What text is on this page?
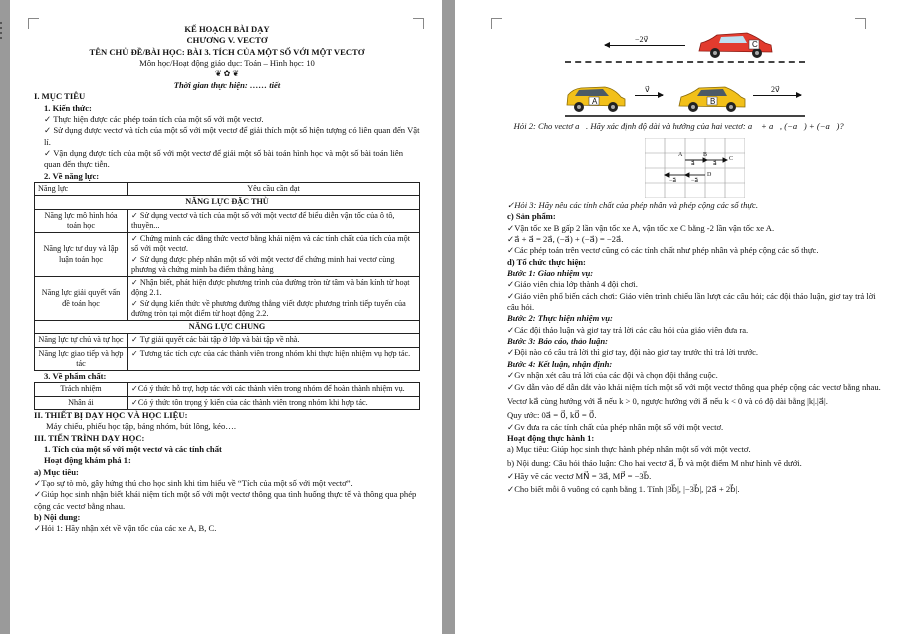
KẾ HOẠCH BÀI DẠY
CHƯƠNG V. VECTƠ
TÊN CHỦ ĐỀ/BÀI HỌC: BÀI 3. TÍCH CỦA MỘT SỐ VỚI MỘT VECTƠ
Môn học/Hoạt động giáo dục: Toán – Hình học: 10
❦ ✿ ❦
Thời gian thực hiện: …… tiết
I. MỤC TIÊU
1. Kiến thức:
✓ Thực hiện được các phép toán tích của một số với một vectơ.
✓ Sử dụng được vectơ và tích của một số với một vectơ để giải thích một số hiện tượng có liên quan đến Vật lí.
✓ Vận dụng được tích của một số với một vectơ để giải một số bài toán hình học và một số bài toán liên quan đến thực tiễn.
2. Về năng lực:
Năng lực	Yêu cầu cần đạt
NĂNG LỰC ĐẶC THÙ	
Năng lực mô hình hóa toán học	✓ Sử dụng vectơ và tích của một số với một vectơ để biểu diễn vận tốc của ô tô, thuyền...
Năng lực tư duy và lập luận toán học	✓ Chứng minh các đẳng thức vectơ bằng khái niệm và các tính chất của tích của một số với một vectơ.
✓ Sử dụng được phép nhân một số với một vectơ để chứng minh hai vectơ cùng phương và chứng minh ba điểm thẳng hàng

Năng lực giải quyết vấn đề toán học	✓ Nhận biết, phát hiện được phương trình của đường tròn từ tâm và bán kính từ hoạt động 2.1.
✓ Sử dụng kiến thức về phương đường thẳng viết được phương trình tiếp tuyến của đường tròn tại một điểm từ hoạt động 2.2.

NĂNG LỰC CHUNG	
Năng lực tự chủ và tự học	✓ Tự giải quyết các bài tập ở lớp và bài tập về nhà.
Năng lực giao tiếp và hợp tác	✓ Tương tác tích cực của các thành viên trong nhóm khi thực hiện nhiệm vụ hợp tác.
3. Về phẩm chất:
Trách nhiệm	✓Có ý thức hỗ trợ, hợp tác với các thành viên trong nhóm để hoàn thành nhiệm vụ.
Nhân ái	✓Có ý thức tôn trọng ý kiến của các thành viên trong nhóm khi hợp tác.
II. THIẾT BỊ DẠY HỌC VÀ HỌC LIỆU:
Máy chiếu, phiếu học tập, bảng nhóm, bút lông, kéo….
III. TIẾN TRÌNH DẠY HỌC:
1. Tích của một số với một vectơ và các tính chất
Hoạt động khám phá 1:
a) Mục tiêu:
✓Tạo sự tò mò, gây hứng thú cho học sinh khi tìm hiểu về “Tích của một số với một vectơ”.
✓Giúp học sinh nhận biết khái niệm tích một số với một vectơ thông qua tình huống thực tế và thông qua phép cộng các vectơ bằng nhau.
b) Nội dung:
✓Hỏi 1: Hãy nhận xét về vận tốc của các xe A, B, C.
C
−2v⃗
A
v⃗
B
2v⃗
✓Hỏi 2: Cho vectơ a⃗. Hãy xác định độ dài và hướng của hai vectơ: a⃗ + a⃗, (−a⃗) + (−a⃗)?
A	B
C
D
a⃗	a⃗
−a⃗
−a⃗
✓Hỏi 3: Hãy nêu các tính chất của phép nhân và phép cộng các số thực.
c) Sản phẩm:
✓Vận tốc xe B gấp 2 lần vận tốc xe A, vận tốc xe C bằng -2 lần vận tốc xe A.
✓a⃗ + a⃗ = 2a⃗, (−a⃗) + (−a⃗) = −2a⃗.
✓Các phép toán trên vectơ cũng có các tính chất như phép nhân và phép cộng các số thực.
d) Tổ chức thực hiện:
Bước 1: Giao nhiệm vụ:
✓Giáo viên chia lớp thành 4 đội chơi.
✓Giáo viên phổ biến cách chơi: Giáo viên trình chiếu lần lượt các câu hỏi; các đội thảo luận, giơ tay trả lời câu hỏi.
Bước 2: Thực hiện nhiệm vụ:
✓Các đội thảo luận và giơ tay trả lời các câu hỏi của giáo viên đưa ra.
Bước 3: Báo cáo, thảo luận:
✓Đội nào có câu trả lời thì giơ tay, đội nào giơ tay trước thì trả lời trước.
Bước 4: Kết luận, nhận định:
✓Gv nhận xét câu trả lời của các đội và chọn đội thắng cuộc.
✓Gv dẫn vào để dẫn dắt vào khái niệm tích một số với một vectơ thông qua phép cộng các vectơ bằng nhau.
Vectơ ka⃗ cùng hướng với a⃗ nếu k > 0, ngược hướng với a⃗ nếu k < 0 và có độ dài bằng |k|.|a⃗|.
Quy ước: 0a⃗ = 0⃗, k0⃗ = 0⃗.
✓Gv đưa ra các tính chất của phép nhân một số với một vectơ.
Hoạt động thực hành 1:
a) Mục tiêu: Giúp học sinh thực hành phép nhân một số với một vectơ.
b) Nội dung: Câu hỏi thảo luận: Cho hai vectơ a⃗, b⃗ và một điểm M như hình vẽ dưới.
✓Hãy vẽ các vectơ MN⃗ = 3a⃗, MP⃗ = −3b⃗.
✓Cho biết mỗi ô vuông có cạnh bằng 1. Tính |3b⃗|, |−3b⃗|, |2a⃗ + 2b⃗|.
